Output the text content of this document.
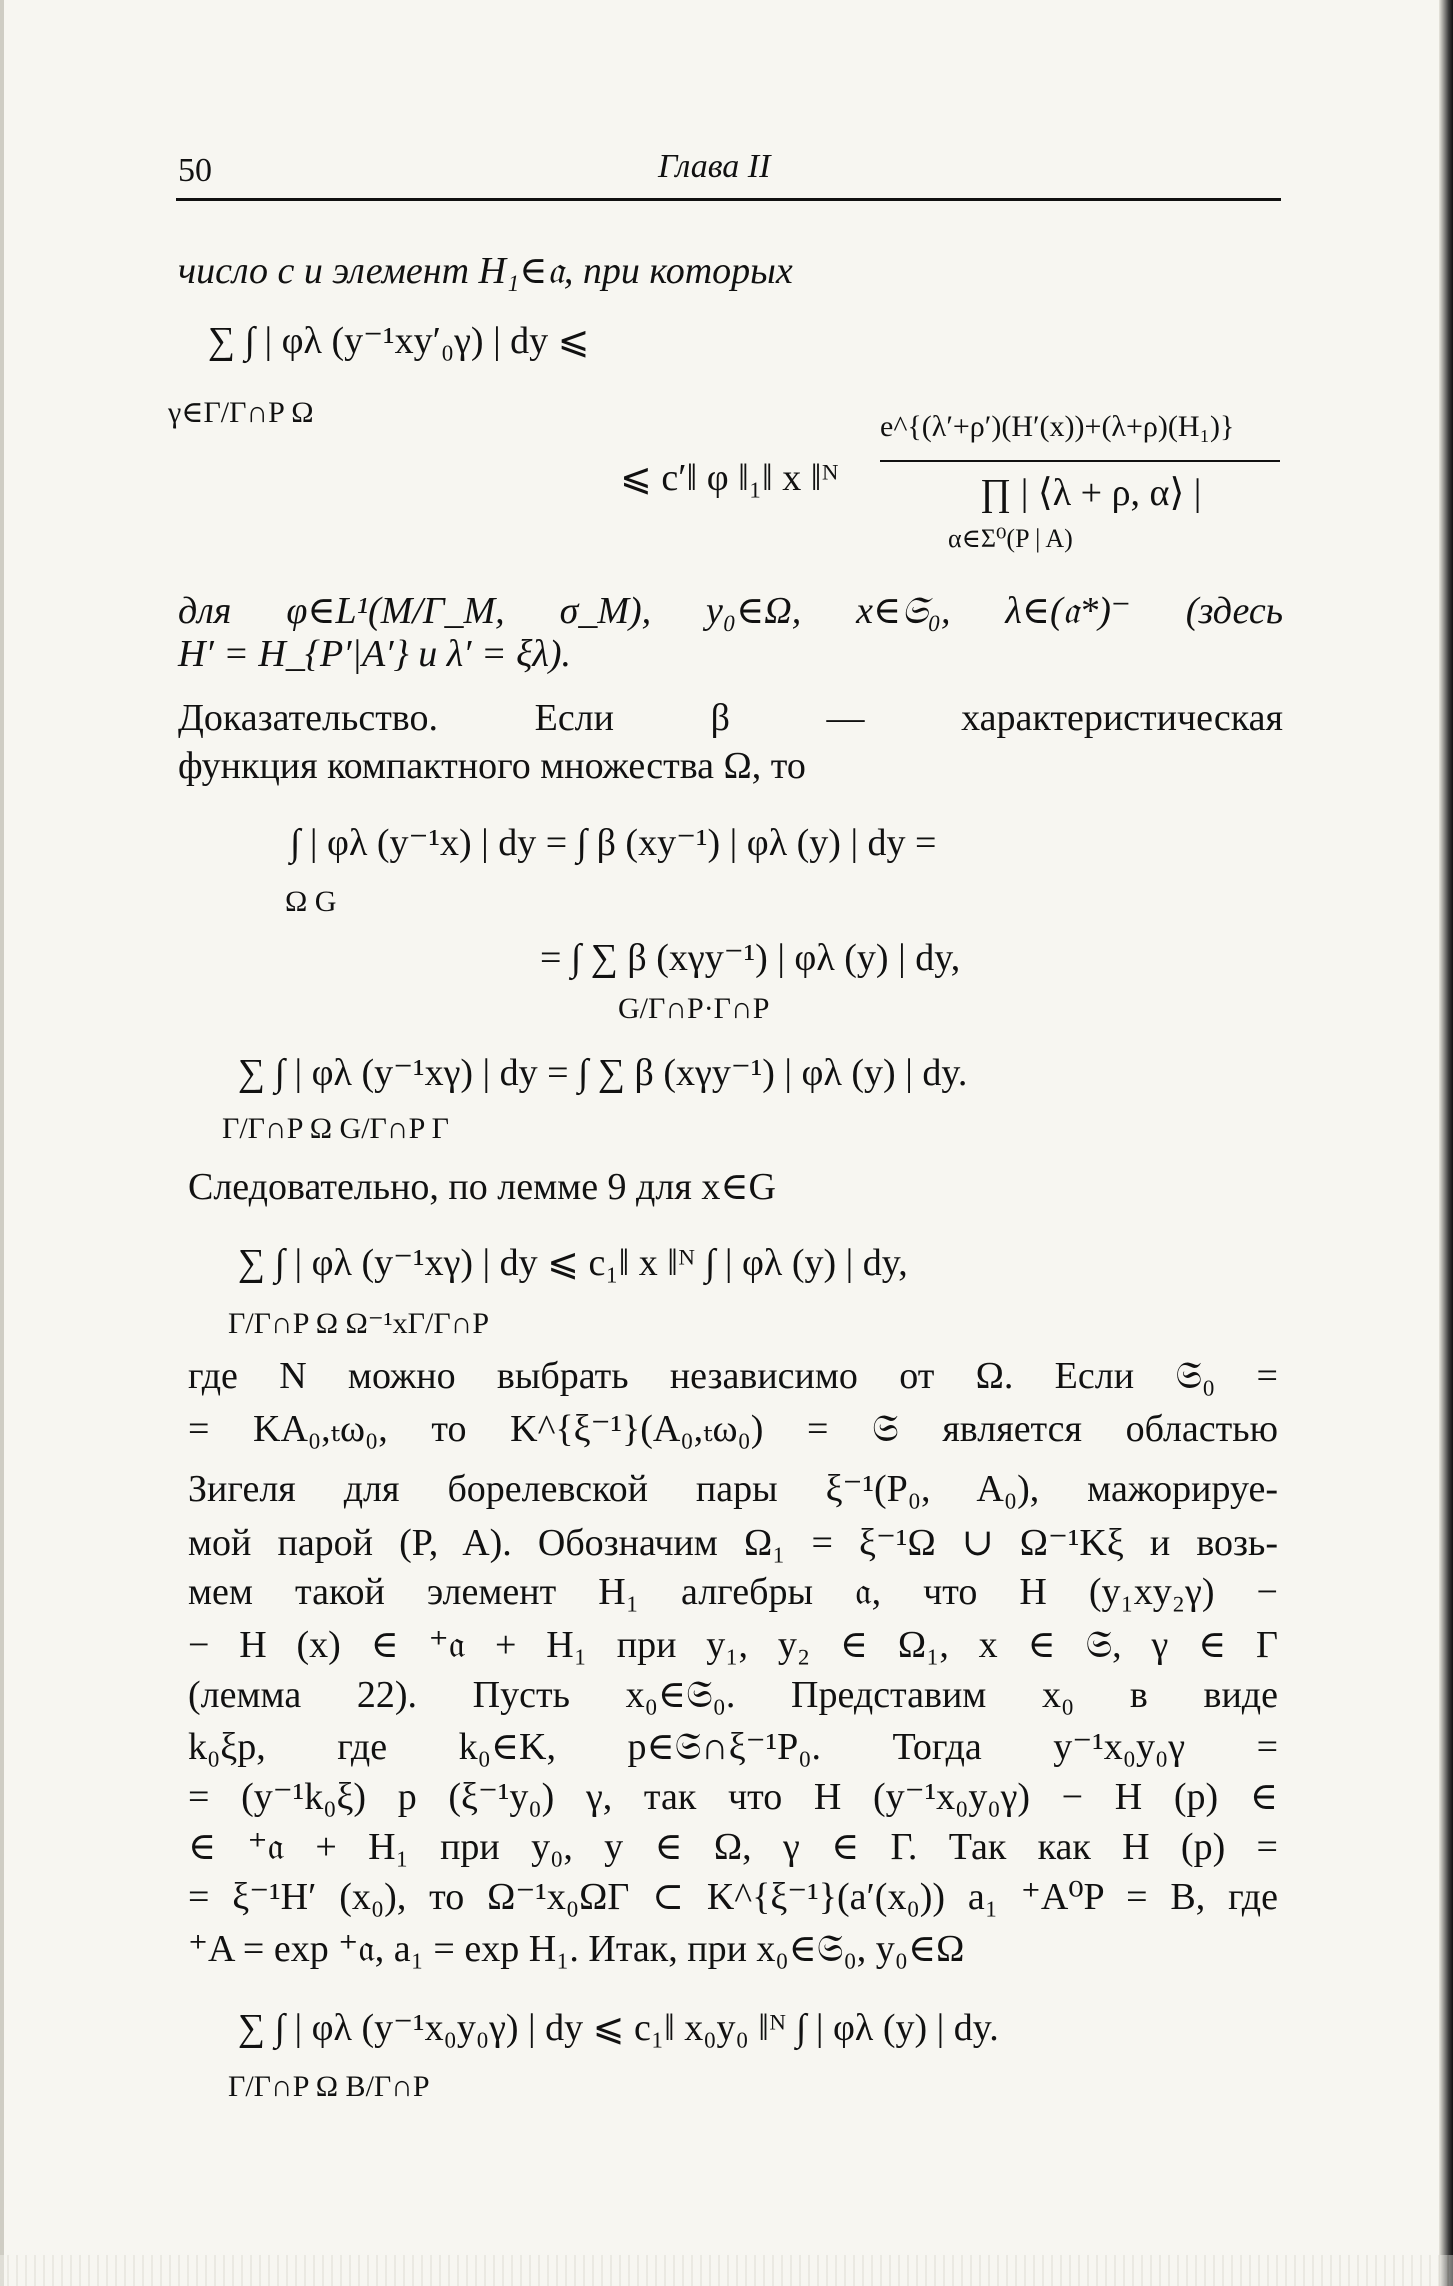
50	Глава II
число c и элемент H₁∈𝔞, при которых
∑ ∫ | φλ (y⁻¹xy′₀γ) | dy ⩽
γ∈Γ/Γ∩P Ω
⩽ c′‖ φ ‖₁‖ x ‖ᴺ
e^{(λ′+ρ′)(H′(x))+(λ+ρ)(H₁)}
∏ | ⟨λ + ρ, α⟩ |
α∈Σ⁰(P | A)
для φ∈L¹(M/Γ_M, σ_M), y₀∈Ω, x∈𝔖₀, λ∈(𝔞*)⁻ (здесь
H′ = H_{P′|A′} и λ′ = ξλ).
Доказательство. Если β — характеристическая
функция компактного множества Ω, то
∫ | φλ (y⁻¹x) | dy = ∫ β (xy⁻¹) | φλ (y) | dy =
Ω G
= ∫ ∑ β (xγy⁻¹) | φλ (y) | dy,
G/Γ∩P·Γ∩P
∑ ∫ | φλ (y⁻¹xγ) | dy = ∫ ∑ β (xγy⁻¹) | φλ (y) | dy.
Γ/Γ∩P Ω G/Γ∩P Γ
Следовательно, по лемме 9 для x∈G
∑ ∫ | φλ (y⁻¹xγ) | dy ⩽ c₁‖ x ‖ᴺ ∫ | φλ (y) | dy,
Γ/Γ∩P Ω Ω⁻¹xΓ/Γ∩P
где N можно выбрать независимо от Ω. Если 𝔖₀ =
= KA₀,ₜω₀, то K^{ξ⁻¹}(A₀,ₜω₀) = 𝔖 является областью
Зигеля для борелевской пары ξ⁻¹(P₀, A₀), мажорируе-
мой парой (P, A). Обозначим Ω₁ = ξ⁻¹Ω ∪ Ω⁻¹Kξ и возь-
мем такой элемент H₁ алгебры 𝔞, что H (y₁xy₂γ) −
− H (x) ∈ ⁺𝔞 + H₁ при y₁, y₂ ∈ Ω₁, x ∈ 𝔖, γ ∈ Γ
(лемма 22). Пусть x₀∈𝔖₀. Представим x₀ в виде
k₀ξp, где k₀∈K, p∈𝔖∩ξ⁻¹P₀. Тогда y⁻¹x₀y₀γ =
= (y⁻¹k₀ξ) p (ξ⁻¹y₀) γ, так что H (y⁻¹x₀y₀γ) − H (p) ∈
∈ ⁺𝔞 + H₁ при y₀, y ∈ Ω, γ ∈ Γ. Так как H (p) =
= ξ⁻¹H′ (x₀), то Ω⁻¹x₀ΩΓ ⊂ K^{ξ⁻¹}(a′(x₀)) a₁ ⁺A⁰P = B, где
⁺A = exp ⁺𝔞, a₁ = exp H₁. Итак, при x₀∈𝔖₀, y₀∈Ω
∑ ∫ | φλ (y⁻¹x₀y₀γ) | dy ⩽ c₁‖ x₀y₀ ‖ᴺ ∫ | φλ (y) | dy.
Γ/Γ∩P Ω B/Γ∩P
